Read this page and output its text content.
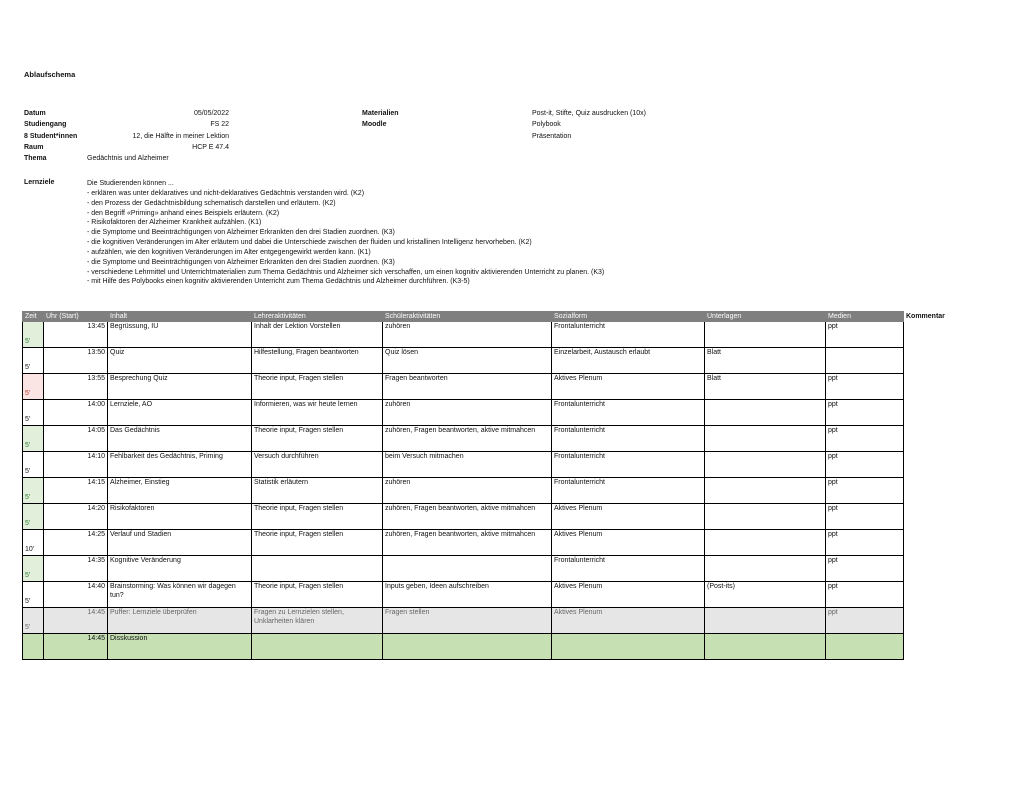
Ablaufschema
Datum	05/05/2022
Studiengang	FS 22
8 Student*innen	12, die Hälfte in meiner Lektion
Raum	HCP E 47.4
Thema	Gedächtnis und Alzheimer
Materialien	Post-it, Stifte, Quiz ausdrucken (10x)
Moodle	Polybook
Präsentation
Lernziele	Die Studierenden können ...
- erklären was unter deklaratives und nicht-deklaratives Gedächtnis verstanden wird. (K2)
- den Prozess der Gedächtnisbildung schematisch darstellen und erläutern. (K2)
- den Begriff «Priming» anhand eines Beispiels erläutern. (K2)
- Risikofaktoren der Alzheimer Krankheit aufzählen. (K1)
- die Symptome und Beeinträchtigungen von Alzheimer Erkrankten den drei Stadien zuordnen. (K3)
- die kognitiven Veränderungen im Alter erläutern und dabei die Unterschiede zwischen der fluiden und kristallinen Intelligenz hervorheben. (K2)
- aufzählen, wie den kognitiven Veränderungen im Alter entgegengewirkt werden kann. (K1)
- die Symptome und Beeinträchtigungen von Alzheimer Erkrankten den drei Stadien zuordnen. (K3)
- verschiedene Lehrmittel und Unterrichtmaterialien zum Thema Gedächtnis und Alzheimer sich verschaffen, um einen kognitiv aktivierenden Unterricht zu planen. (K3)
- mit Hilfe des Polybooks einen kognitiv aktivierenden Unterricht zum Thema Gedächtnis und Alzheimer durchführen. (K3-5)
Zeit	Uhr (Start)	Inhalt	Lehreraktivitäten	Schüleraktivitäten	Sozialform	Unterlagen	Medien	Kommentar
5'	13:45	Begrüssung, IU	Inhalt der Lektion Vorstellen	zuhören	Frontalunterricht		ppt	
5'	13:50	Quiz	Hilfestellung, Fragen beantworten	Quiz lösen	Einzelarbeit, Austausch erlaubt	Blatt		
5'	13:55	Besprechung Quiz	Theorie input, Fragen stellen	Fragen beantworten	Aktives Plenum	Blatt	ppt	
5'	14:00	Lernziele, AO	Informieren, was wir heute lernen	zuhören	Frontalunterricht		ppt	
5'	14:05	Das Gedächtnis	Theorie input, Fragen stellen	zuhören, Fragen beantworten, aktive mitmahcen	Frontalunterricht		ppt	
5'	14:10	Fehlbarkeit des Gedächtnis, Priming	Versuch durchführen	beim Versuch mitmachen	Frontalunterricht		ppt	
5'	14:15	Alzheimer, Einstieg	Statistik erläutern	zuhören	Frontalunterricht		ppt	
5'	14:20	Risikofaktoren	Theorie input, Fragen stellen	zuhören, Fragen beantworten, aktive mitmahcen	Aktives Plenum		ppt	
10'	14:25	Verlauf und Stadien	Theorie input, Fragen stellen	zuhören, Fragen beantworten, aktive mitmahcen	Aktives Plenum		ppt	
5'	14:35	Kognitive Veränderung			Frontalunterricht		ppt	
5'	14:40	Brainstorming: Was können wir dagegen tun?	Theorie input, Fragen stellen	Inputs geben, Ideen aufschreiben	Aktives Plenum	(Post-its)	ppt	
5'	14:45	Puffer: Lernziele überprüfen	Fragen zu Lernzielen stellen, Unklarheiten klären	Fragen stellen	Aktives Plenum		ppt	
	14:45	Disskussion						
